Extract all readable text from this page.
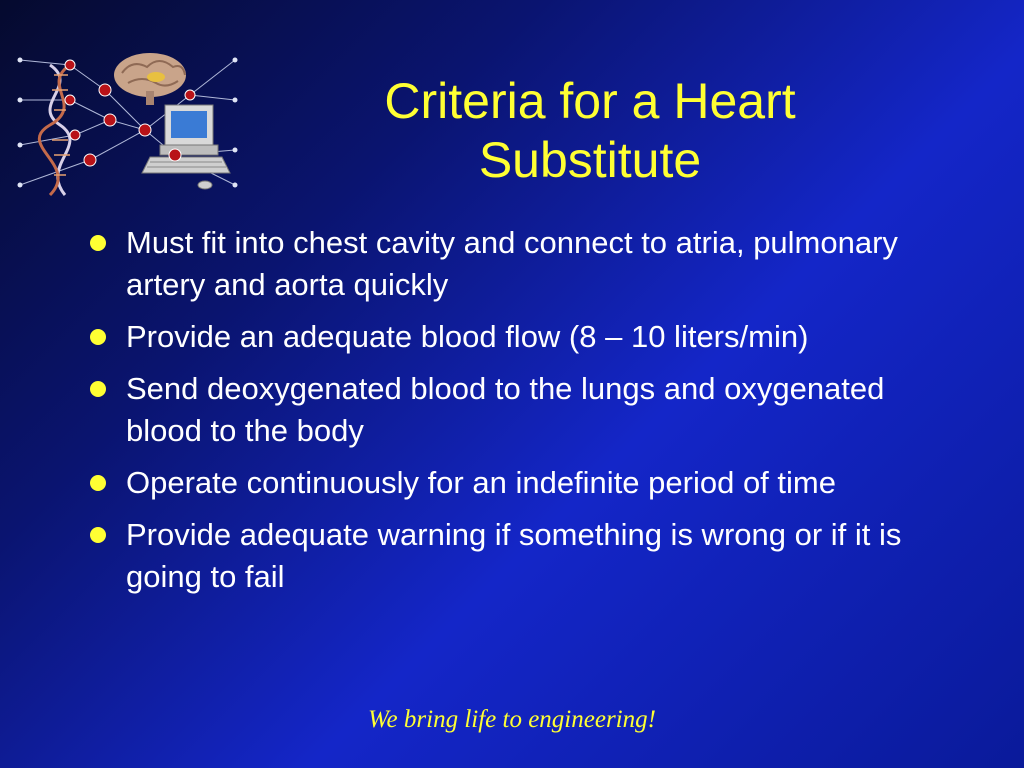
Criteria for a Heart Substitute
Must fit into chest cavity and connect to atria, pulmonary artery and aorta quickly
Provide an adequate blood flow (8 – 10 liters/min)
Send deoxygenated blood to the lungs and oxygenated blood to the body
Operate continuously for an indefinite period of time
Provide adequate warning if something is wrong or if it is going to fail
We bring life to engineering!
